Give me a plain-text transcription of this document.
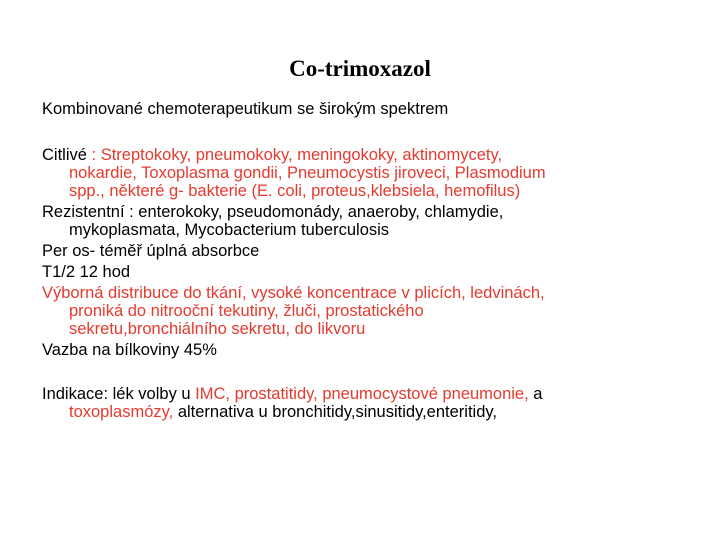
Co-trimoxazol
Kombinované chemoterapeutikum se širokým spektrem
Citlivé : Streptokoky, pneumokoky, meningokoky, aktinomycety,
nokardie, Toxoplasma gondii, Pneumocystis jiroveci, Plasmodium
spp., některé g- bakterie (E. coli, proteus,klebsiela, hemofilus)
Rezistentní : enterokoky, pseudomonády, anaeroby, chlamydie,
mykoplasmata, Mycobacterium tuberculosis
Per os- téměř úplná absorbce
T1/2 12 hod
Výborná distribuce do tkání, vysoké koncentrace v plicích, ledvinách,
proniká do nitrooční tekutiny, žluči, prostatického
sekretu,bronchiálního sekretu, do likvoru
Vazba na bílkoviny 45%
Indikace: lék volby u IMC, prostatitidy, pneumocystové pneumonie, a
toxoplasmózy, alternativa u bronchitidy,sinusitidy,enteritidy,
